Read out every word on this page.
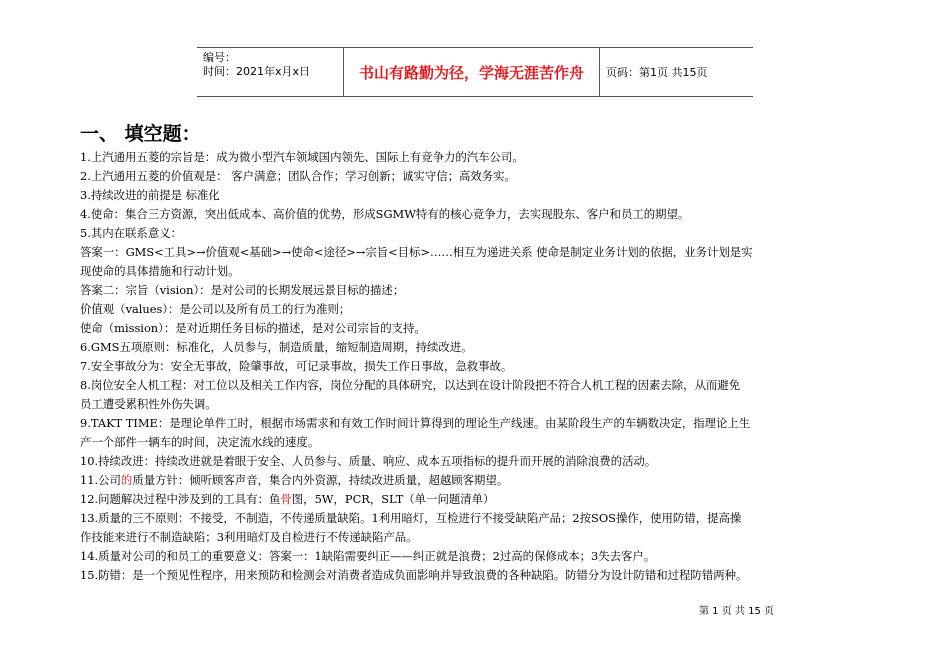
编号：
时间：2021年x月x日	书山有路勤为径，学海无涯苦作舟	页码：第1页 共15页
一、 填空题：
1.上汽通用五菱的宗旨是：成为微小型汽车领域国内领先、国际上有竞争力的汽车公司。
2.上汽通用五菱的价值观是： 客户满意；团队合作；学习创新；诚实守信；高效务实。
3.持续改进的前提是 标准化
4.使命：集合三方资源，突出低成本、高价值的优势，形成SGMW特有的核心竞争力，去实现股东、客户和员工的期望。
5.其内在联系意义：
答案一：GMS<工具>→价值观<基础>→使命<途径>→宗旨<目标>……相互为递进关系 使命是制定业务计划的依据，业务计划是实
现使命的具体措施和行动计划。
答案二：宗旨（vision）：是对公司的长期发展远景目标的描述；
价值观（values）：是公司以及所有员工的行为准则；
使命（mission）：是对近期任务目标的描述，是对公司宗旨的支持。
6.GMS五项原则：标准化，人员参与，制造质量，缩短制造周期，持续改进。
7.安全事故分为：安全无事故，险肇事故，可记录事故，损失工作日事故，急救事故。
8.岗位安全人机工程：对工位以及相关工作内容，岗位分配的具体研究，以达到在设计阶段把不符合人机工程的因素去除，从而避免
员工遭受累积性外伤失调。
9.TAKT TIME：是理论单件工时，根据市场需求和有效工作时间计算得到的理论生产线速。由某阶段生产的车辆数决定，指理论上生
产一个部件一辆车的时间，决定流水线的速度。
10.持续改进：持续改进就是着眼于安全、人员参与、质量、响应、成本五项指标的提升而开展的消除浪费的活动。
11.公司的质量方针：倾听顾客声音，集合内外资源，持续改进质量，超越顾客期望。
12.问题解决过程中涉及到的工具有：鱼骨图，5W，PCR，SLT（单一问题清单）
13.质量的三不原则：不接受，不制造，不传递质量缺陷。1利用暗灯，互检进行不接受缺陷产品；2按SOS操作，使用防错，提高操
作技能来进行不制造缺陷；3利用暗灯及自检进行不传递缺陷产品。
14.质量对公司的和员工的重要意义：答案一：1缺陷需要纠正——纠正就是浪费；2过高的保修成本；3失去客户。
15.防错：是一个预见性程序，用来预防和检测会对消费者造成负面影响并导致浪费的各种缺陷。防错分为设计防错和过程防错两种。
第 1 页 共 15 页
